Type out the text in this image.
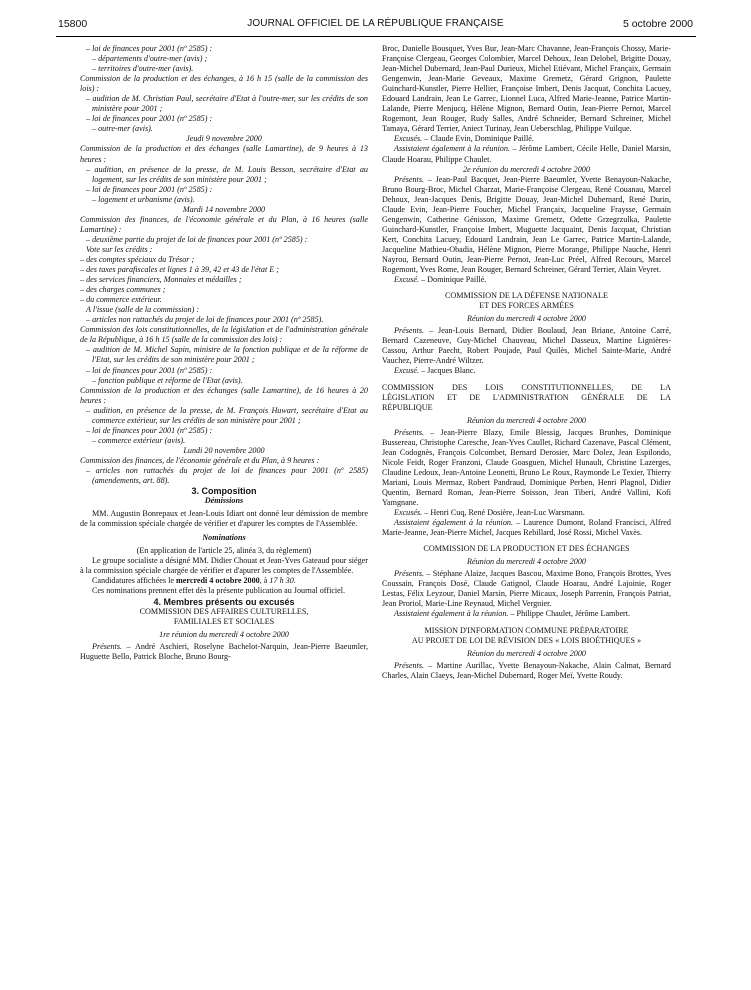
JOURNAL OFFICIEL DE LA RÉPUBLIQUE FRANÇAISE
15800	5 octobre 2000
– loi de finances pour 2001 (nº 2585) :
– départements d'outre-mer (avis) ;
– territoires d'outre-mer (avis).
Commission de la production et des échanges, à 16 h 15 (salle de la commission des lois) :
– audition de M. Christian Paul, secrétaire d'Etat à l'outre-mer, sur les crédits de son ministère pour 2001 ;
– loi de finances pour 2001 (nº 2585) :
– outre-mer (avis).
Jeudi 9 novembre 2000
Commission de la production et des échanges (salle Lamartine), de 9 heures à 13 heures :
– audition, en présence de la presse, de M. Louis Besson, secrétaire d'Etat au logement, sur les crédits de son ministère pour 2001 ;
– loi de finances pour 2001 (nº 2585) :
– logement et urbanisme (avis).
Mardi 14 novembre 2000
Commission des finances, de l'économie générale et du Plan, à 16 heures (salle Lamartine) :
– deuxième partie du projet de loi de finances pour 2001 (nº 2585) :
Vote sur les crédits :
– des comptes spéciaux du Trésor ;
– des taxes parafiscales et lignes 1 à 39, 42 et 43 de l'état E ;
– des services financiers, Monnaies et médailles ;
– des charges communes ;
– du commerce extérieur.
A l'issue (salle de la commission) :
– articles non rattachés du projet de loi de finances pour 2001 (nº 2585).
Commission des lois constitutionnelles, de la législation et de l'administration générale de la République, à 16 h 15 (salle de la commission des lois) :
– audition de M. Michel Sapin, ministre de la fonction publique et de la réforme de l'Etat, sur les crédits de son ministère pour 2001 ;
– loi de finances pour 2001 (nº 2585) :
– fonction publique et réforme de l'Etat (avis).
Commission de la production et des échanges (salle Lamartine), de 16 heures à 20 heures :
– audition, en présence de la presse, de M. François Huwart, secrétaire d'Etat au commerce extérieur, sur les crédits de son ministère pour 2001 ;
– loi de finances pour 2001 (nº 2585) :
– commerce extérieur (avis).
Lundi 20 novembre 2000
Commission des finances, de l'économie générale et du Plan, à 9 heures :
– articles non rattachés du projet de loi de finances pour 2001 (nº 2585) (amendements, art. 88).
3. Composition
Démissions
MM. Augustin Bonrepaux et Jean-Louis Idiart ont donné leur démission de membre de la commission spéciale chargée de vérifier et d'apurer les comptes de l'Assemblée.
Nominations
(En application de l'article 25, alinéa 3, du règlement)
Le groupe socialiste a désigné MM. Didier Chouat et Jean-Yves Gateaud pour siéger à la commission spéciale chargée de vérifier et d'apurer les comptes de l'Assemblée.
Candidatures affichées le mercredi 4 octobre 2000, à 17 h 30.
Ces nominations prennent effet dès la présente publication au Journal officiel.
4. Membres présents ou excusés
COMMISSION DES AFFAIRES CULTURELLES,
FAMILIALES ET SOCIALES
1re réunion du mercredi 4 octobre 2000
Présents. – André Aschieri, Roselyne Bachelot-Narquin, Jean-Pierre Baeumler, Huguette Bello, Patrick Bloche, Bruno Bourg-
Broc, Danielle Bousquet, Yves Bur, Jean-Marc Chavanne, Jean-François Chossy, Marie-Françoise Clergeau, Georges Colombier, Marcel Dehoux, Jean Delobel, Brigitte Douay, Jean-Michel Dubernard, Jean-Paul Durieux, Michel Etiévant, Michel Françaix, Germain Gengenwin, Jean-Marie Geveaux, Maxime Gremetz, Gérard Grignon, Paulette Guinchard-Kunstler, Pierre Hellier, Françoise Imbert, Denis Jacquat, Conchita Lacuey, Edouard Landrain, Jean Le Garrec, Lionnel Luca, Alfred Marie-Jeanne, Patrice Martin-Lalande, Pierre Menjucq, Hélène Mignon, Bernard Outin, Jean-Pierre Pernot, Marcel Rogemont, Jean Rouger, Rudy Salles, André Schneider, Bernard Schreiner, Michel Tamaya, Gérard Terrier, Aniect Turinay, Jean Ueberschlag, Philippe Vuilque.
Excusés. – Claude Evin, Dominique Paillé.
Assistaient également à la réunion. – Jérôme Lambert, Cécile Helle, Daniel Marsin, Claude Hoarau, Philippe Chaulet.
2e réunion du mercredi 4 octobre 2000
Présents. – Jean-Paul Bacquet, Jean-Pierre Baeumler, Yvette Benayoun-Nakache, Bruno Bourg-Broc, Michel Charzat, Marie-Françoise Clergeau, René Couanau, Marcel Dehoux, Jean-Jacques Denis, Brigitte Douay, Jean-Michel Dubernard, René Durin, Claude Evin, Jean-Pierre Foucher, Michel Françaix, Jacqueline Fraysse, Germain Gengenwin, Catherine Génisson, Maxime Gremetz, Odette Grzegrzulka, Paulette Guinchard-Kunstler, Françoise Imbert, Muguette Jacquaint, Denis Jacquat, Christian Kert, Conchita Lacuey, Edouard Landrain, Jean Le Garrec, Patrice Martin-Lalande, Jacqueline Mathieu-Obadia, Hélène Mignon, Pierre Morange, Philippe Nauche, Henri Nayrou, Bernard Outin, Jean-Pierre Pernot, Jean-Luc Préel, Alfred Recours, Marcel Rogemont, Yves Rome, Jean Rouger, Bernard Schreiner, Gérard Terrier, Alain Veyret.
Excusé. – Dominique Paillé.
COMMISSION DE LA DÉFENSE NATIONALE
ET DES FORCES ARMÉES
Réunion du mercredi 4 octobre 2000
Présents. – Jean-Louis Bernard, Didier Boulaud, Jean Briane, Antoine Carré, Bernard Cazeneuve, Guy-Michel Chauveau, Michel Dasseux, Martine Lignières-Cassou, Arthur Paecht, Robert Poujade, Paul Quilès, Michel Sainte-Marie, André Vauchez, Pierre-André Wiltzer.
Excusé. – Jacques Blanc.
COMMISSION DES LOIS CONSTITUTIONNELLES, DE LA
LÉGISLATION ET DE L'ADMINISTRATION GÉNÉRALE DE LA
RÉPUBLIQUE
Réunion du mercredi 4 octobre 2000
Présents. – Jean-Pierre Blazy, Emile Blessig, Jacques Brunhes, Dominique Bussereau, Christophe Caresche, Jean-Yves Caullet, Richard Cazenave, Pascal Clément, Jean Codognès, François Colcombet, Bernard Derosier, Marc Dolez, Jean Espilondo, Nicole Feidt, Roger Franzoni, Claude Goasguen, Michel Hunault, Christine Lazerges, Claudine Ledoux, Jean-Antoine Leonetti, Bruno Le Roux, Raymonde Le Texier, Thierry Mariani, Louis Mermaz, Robert Pandraud, Dominique Perben, Henri Plagnol, Didier Quentin, Bernard Roman, Jean-Pierre Soisson, Jean Tiberi, André Vallini, Kofi Yamgnane.
Excusés. – Henri Cuq, René Dosière, Jean-Luc Warsmann.
Assistaient également à la réunion. – Laurence Dumont, Roland Francisci, Alfred Marie-Jeanne, Jean-Pierre Michel, Jacques Rebillard, José Rossi, Michel Vaxès.
COMMISSION DE LA PRODUCTION ET DES ÉCHANGES
Réunion du mercredi 4 octobre 2000
Présents. – Stéphane Alaize, Jacques Bascou, Maxime Bono, François Brottes, Yves Coussain, François Dosé, Claude Gatignol, Claude Hoarau, André Lajoinie, Roger Lestas, Félix Leyzour, Daniel Marsin, Pierre Micaux, Joseph Parrenin, François Patriat, Jean Proriol, Marie-Line Reynaud, Michel Vergnier.
Assistaient également à la réunion. – Philippe Chaulet, Jérôme Lambert.
MISSION D'INFORMATION COMMUNE PRÉPARATOIRE
AU PROJET DE LOI DE RÉVISION DES « LOIS BIOÉTHIQUES »
Réunion du mercredi 4 octobre 2000
Présents. – Martine Aurillac, Yvette Benayoun-Nakache, Alain Calmat, Bernard Charles, Alain Claeys, Jean-Michel Dubernard, Roger Meï, Yvette Roudy.
